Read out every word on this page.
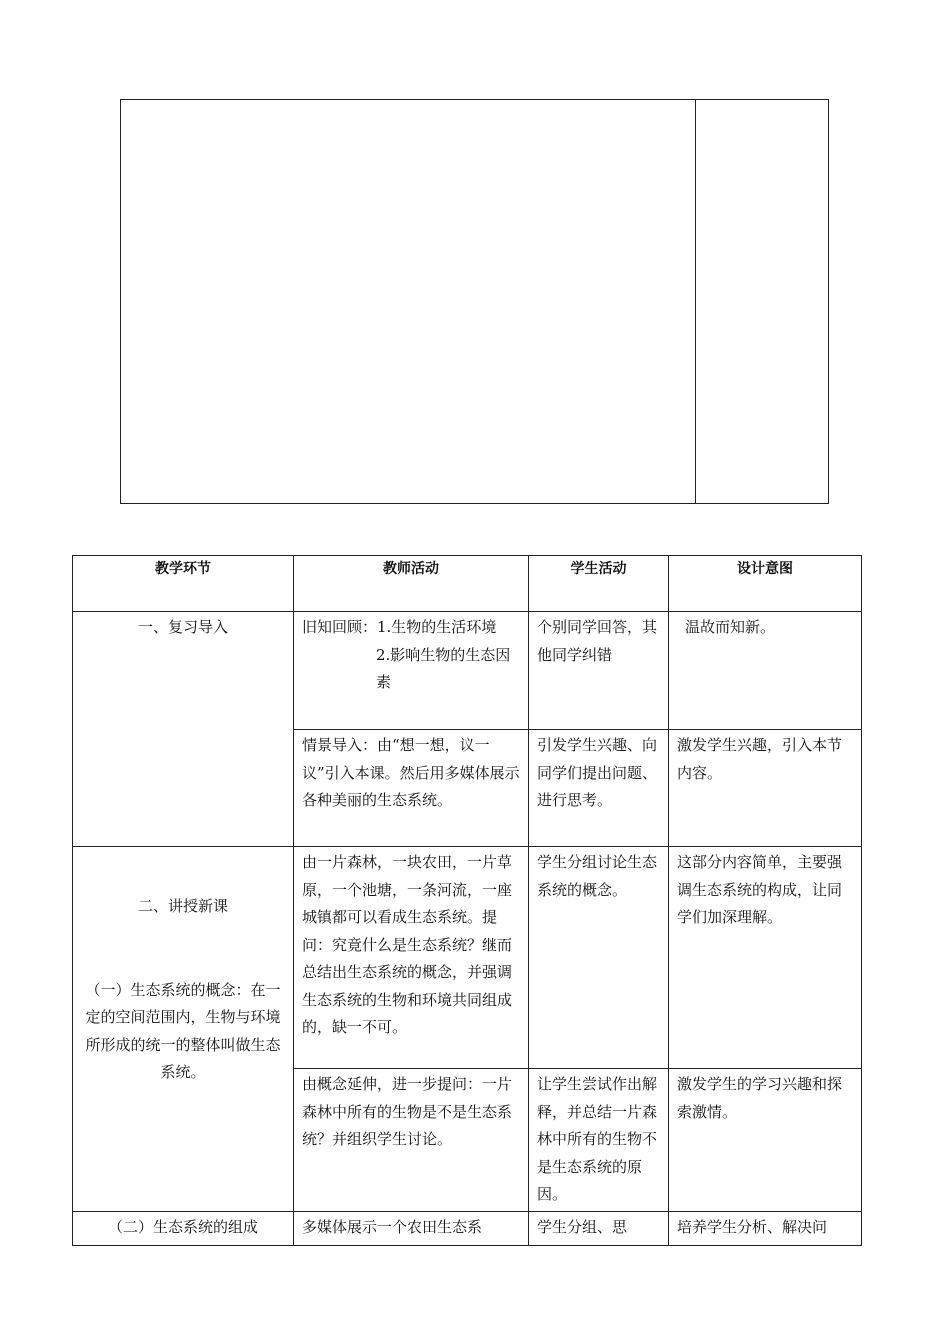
教学环节	教师活动	学生活动	设计意图
一、复习导入	旧知回顾：1.生物的生活环境
2.影响生物的生态因素	个别同学回答，其他同学纠错	温故而知新。
	情景导入：由“想一想，议一议”引入本课。然后用多媒体展示各种美丽的生态系统。	引发学生兴趣、向同学们提出问题、进行思考。	激发学生兴趣，引入本节内容。

二、讲授新课
（一）生态系统的概念：在一定的空间范围内，生物与环境所形成的统一的整体叫做生态系统。	由一片森林，一块农田，一片草原，一个池塘，一条河流，一座城镇都可以看成生态系统。提问：究竟什么是生态系统？继而总结出生态系统的概念，并强调生态系统的生物和环境共同组成的，缺一不可。	学生分组讨论生态系统的概念。	这部分内容简单，主要强调生态系统的构成，让同学们加深理解。
	由概念延伸，进一步提问：一片森林中所有的生物是不是生态系统？并组织学生讨论。	让学生尝试作出解释，并总结一片森林中所有的生物不是生态系统的原因。	激发学生的学习兴趣和探索激情。
（二）生态系统的组成	多媒体展示一个农田生态系	学生分组、思	培养学生分析、解决问
